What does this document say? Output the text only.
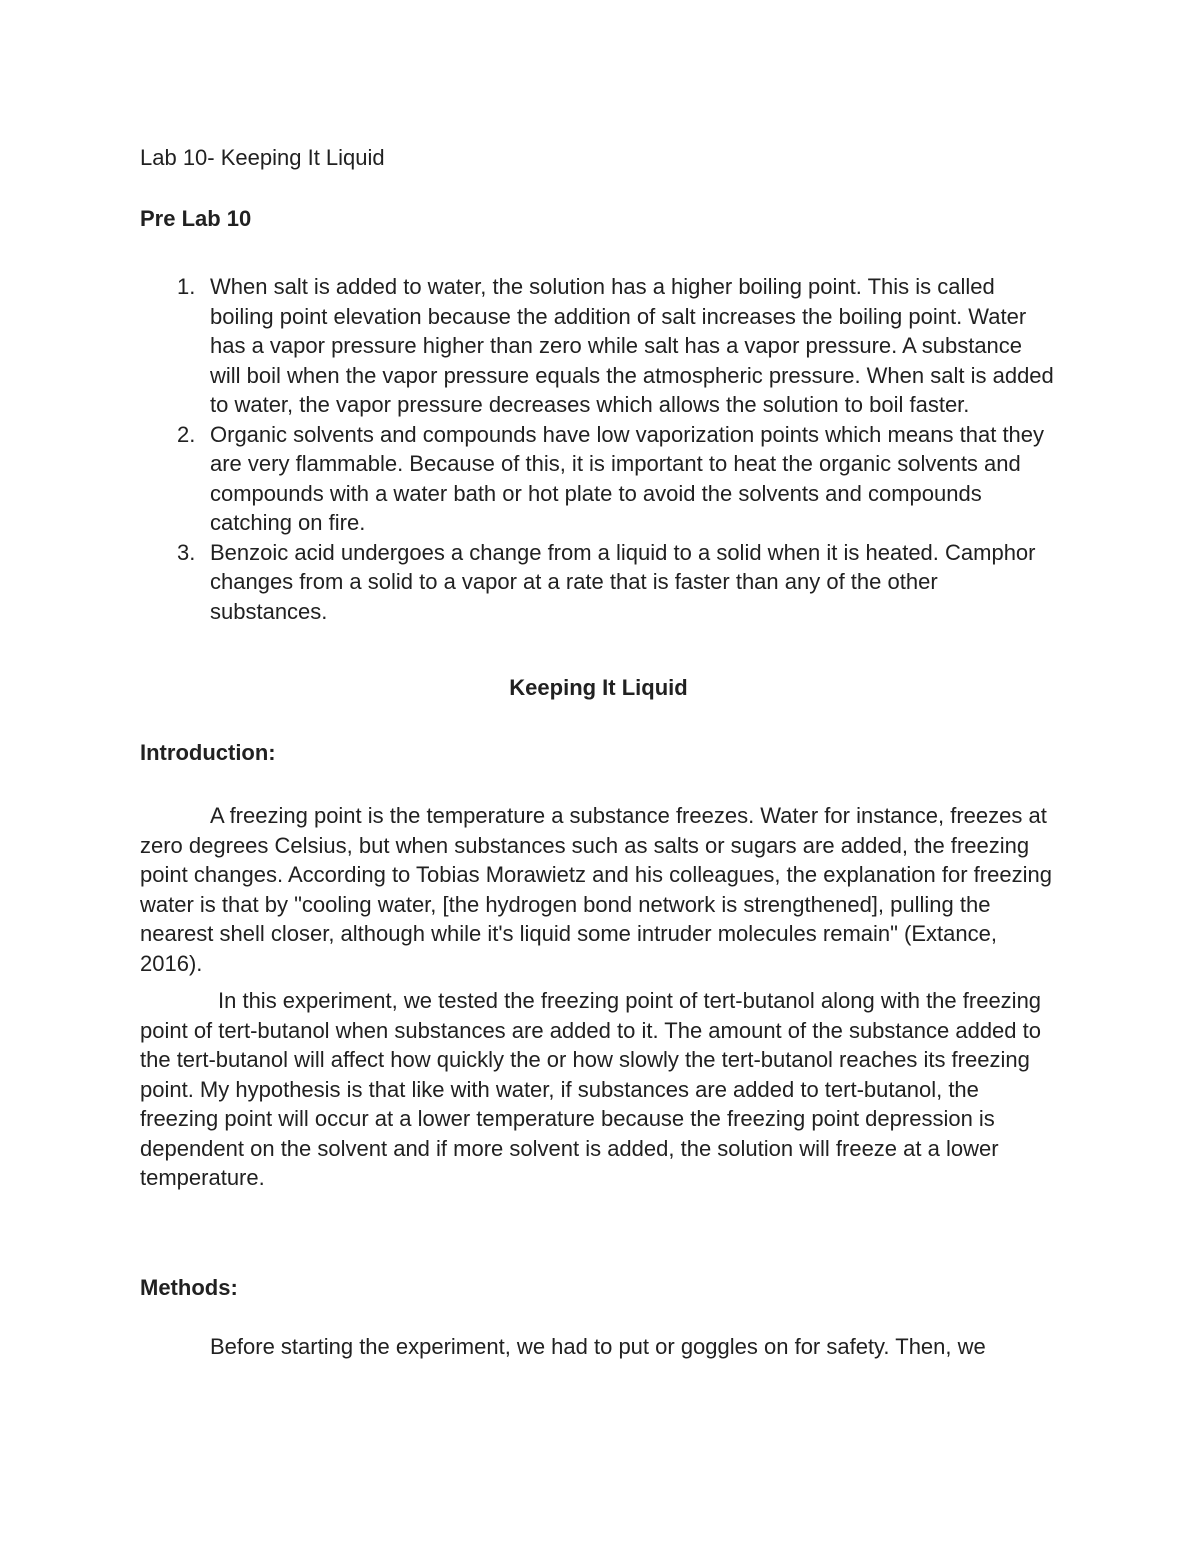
Lab 10- Keeping It Liquid

Pre Lab 10
1. When salt is added to water, the solution has a higher boiling point. This is called boiling point elevation because the addition of salt increases the boiling point. Water has a vapor pressure higher than zero while salt has a vapor pressure. A substance will boil when the vapor pressure equals the atmospheric pressure. When salt is added to water, the vapor pressure decreases which allows the solution to boil faster.
2. Organic solvents and compounds have low vaporization points which means that they are very flammable. Because of this, it is important to heat the organic solvents and compounds with a water bath or hot plate to avoid the solvents and compounds catching on fire.
3. Benzoic acid undergoes a change from a liquid to a solid when it is heated. Camphor changes from a solid to a vapor at a rate that is faster than any of the other substances.
Keeping It Liquid
Introduction:

A freezing point is the temperature a substance freezes. Water for instance, freezes at zero degrees Celsius, but when substances such as salts or sugars are added, the freezing point changes. According to Tobias Morawietz and his colleagues, the explanation for freezing water is that by "cooling water, [the hydrogen bond network is strengthened], pulling the nearest shell closer, although while it's liquid some intruder molecules remain" (Extance, 2016).

In this experiment, we tested the freezing point of tert-butanol along with the freezing point of tert-butanol when substances are added to it. The amount of the substance added to the tert-butanol will affect how quickly the or how slowly the tert-butanol reaches its freezing point. My hypothesis is that like with water, if substances are added to tert-butanol, the freezing point will occur at a lower temperature because the freezing point depression is dependent on the solvent and if more solvent is added, the solution will freeze at a lower temperature.

Methods:

Before starting the experiment, we had to put or goggles on for safety. Then, we
